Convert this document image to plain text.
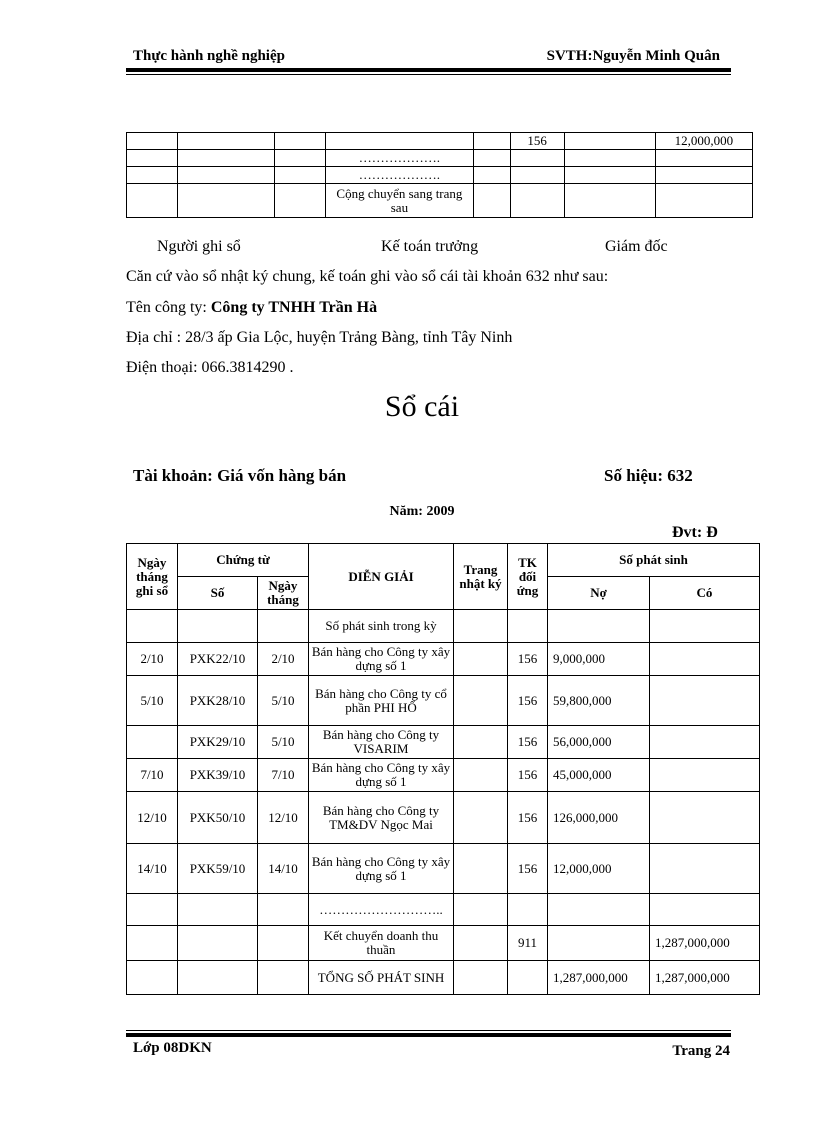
Thực hành nghề nghiệp	SVTH:Nguyễn Minh Quân
					156		12,000,000
			……………….				
			……………….				
			Cộng chuyển sang trang sau				
Người ghi sổ	Kế toán trưởng	Giám đốc
Căn cứ vào sổ nhật ký chung, kế toán ghi vào sổ cái tài khoản 632 như sau:
Tên công ty: Công ty TNHH Trần Hà
Địa chỉ : 28/3 ấp Gia Lộc, huyện Trảng Bàng, tỉnh Tây Ninh
Điện thoại: 066.3814290 .
Sổ cái
Tài khoản: Giá vốn hàng bán	Số hiệu: 632
Năm: 2009
Đvt: Đ
Ngày tháng ghi sổ	Chứng từ		DIỄN GIẢI	Trang nhật ký	TK đối ứng	Số phát sinh	
	Số	Ngày tháng				Nợ	Có
			Số phát sinh trong kỳ				
2/10	PXK22/10	2/10	Bán hàng cho Công ty xây dựng số 1		156	9,000,000	
5/10	PXK28/10	5/10	Bán hàng cho Công ty cổ phần PHI HỔ		156	59,800,000	
	PXK29/10	5/10	Bán hàng cho Công ty VISARIM		156	56,000,000	
7/10	PXK39/10	7/10	Bán hàng cho Công ty xây dựng số 1		156	45,000,000	
12/10	PXK50/10	12/10	Bán hàng cho Công ty TM&DV Ngọc Mai		156	126,000,000	
14/10	PXK59/10	14/10	Bán hàng cho Công ty xây dựng số 1		156	12,000,000	
			………………………..				
			Kết chuyển doanh thu thuần		911		1,287,000,000
			TỔNG SỐ PHÁT SINH			1,287,000,000	1,287,000,000
Lớp 08DKN	Trang 24
